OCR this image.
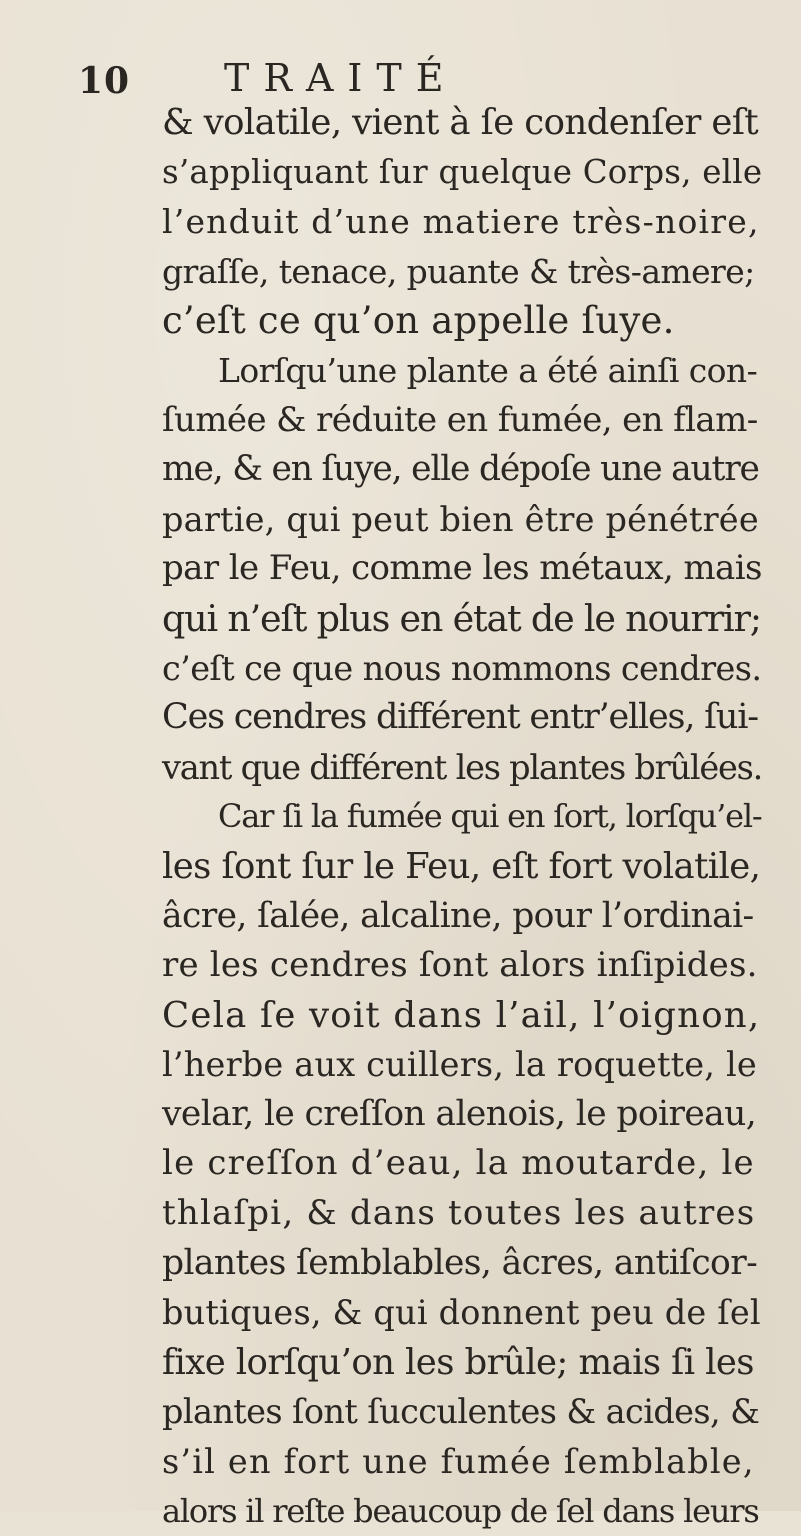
10 TRAITÉ
& volatile, vient à ſe condenſer eſt
s’appliquant ſur quelque Corps, elle
l’enduit d’une matiere très-noire,
graſſe, tenace, puante & très-amere;
c’eſt ce qu’on appelle ſuye.
Lorſqu’une plante a été ainſi con-
ſumée & réduite en fumée, en flam-
me, & en ſuye, elle dépoſe une autre
partie, qui peut bien être pénétrée
par le Feu, comme les métaux, mais
qui n’eſt plus en état de le nourrir;
c’eſt ce que nous nommons cendres.
Ces cendres différent entr’elles, ſui-
vant que différent les plantes brûlées.
Car ſi la fumée qui en ſort, lorſqu’el-
les ſont ſur le Feu, eſt fort volatile,
âcre, ſalée, alcaline, pour l’ordinai-
re les cendres ſont alors inſipides.
Cela ſe voit dans l’ail, l’oignon,
l’herbe aux cuillers, la roquette, le
velar, le creſſon alenois, le poireau,
le creſſon d’eau, la moutarde, le
thlaſpi, & dans toutes les autres
plantes ſemblables, âcres, antiſcor-
butiques, & qui donnent peu de ſel
fixe lorſqu’on les brûle; mais ſi les
plantes ſont ſucculentes & acides, &
s’il en fort une fumée ſemblable,
alors il reſte beaucoup de ſel dans leurs
